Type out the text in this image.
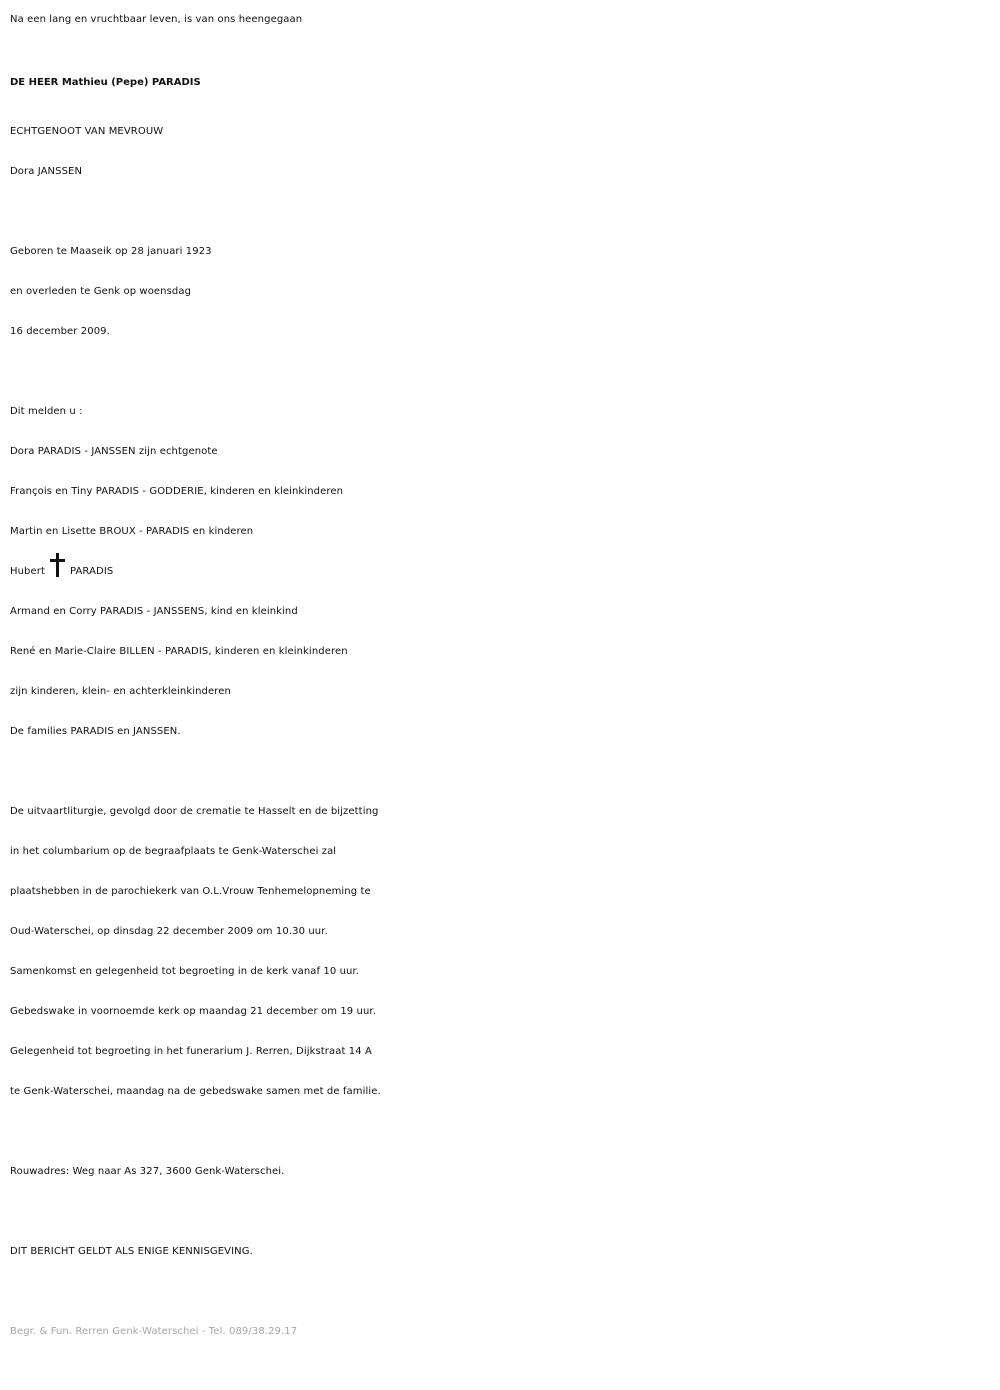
Na een lang en vruchtbaar leven, is van ons heengegaan
DE HEER Mathieu (Pepe) PARADIS
ECHTGENOOT VAN MEVROUW
Dora JANSSEN
Geboren te Maaseik op 28 januari 1923
en overleden te Genk op woensdag
16 december 2009.
Dit melden u :
Dora PARADIS - JANSSEN zijn echtgenote
François en Tiny PARADIS - GODDERIE, kinderen en kleinkinderen
Martin en Lisette BROUX - PARADIS en kinderen
Hubert	PARADIS
Armand en Corry PARADIS - JANSSENS, kind en kleinkind
René en Marie-Claire BILLEN - PARADIS, kinderen en kleinkinderen
zijn kinderen, klein- en achterkleinkinderen
De families PARADIS en JANSSEN.
De uitvaartliturgie, gevolgd door de crematie te Hasselt en de bijzetting
in het columbarium op de begraafplaats te Genk-Waterschei zal
plaatshebben in de parochiekerk van O.L.Vrouw Tenhemelopneming te
Oud-Waterschei, op dinsdag 22 december 2009 om 10.30 uur.
Samenkomst en gelegenheid tot begroeting in de kerk vanaf 10 uur.
Gebedswake in voornoemde kerk op maandag 21 december om 19 uur.
Gelegenheid tot begroeting in het funerarium J. Rerren, Dijkstraat 14 A
te Genk-Waterschei, maandag na de gebedswake samen met de familie.
Rouwadres: Weg naar As 327, 3600 Genk-Waterschei.
DIT BERICHT GELDT ALS ENIGE KENNISGEVING.
Begr. & Fun. Rerren Genk-Waterschei - Tel. 089/38.29.17
